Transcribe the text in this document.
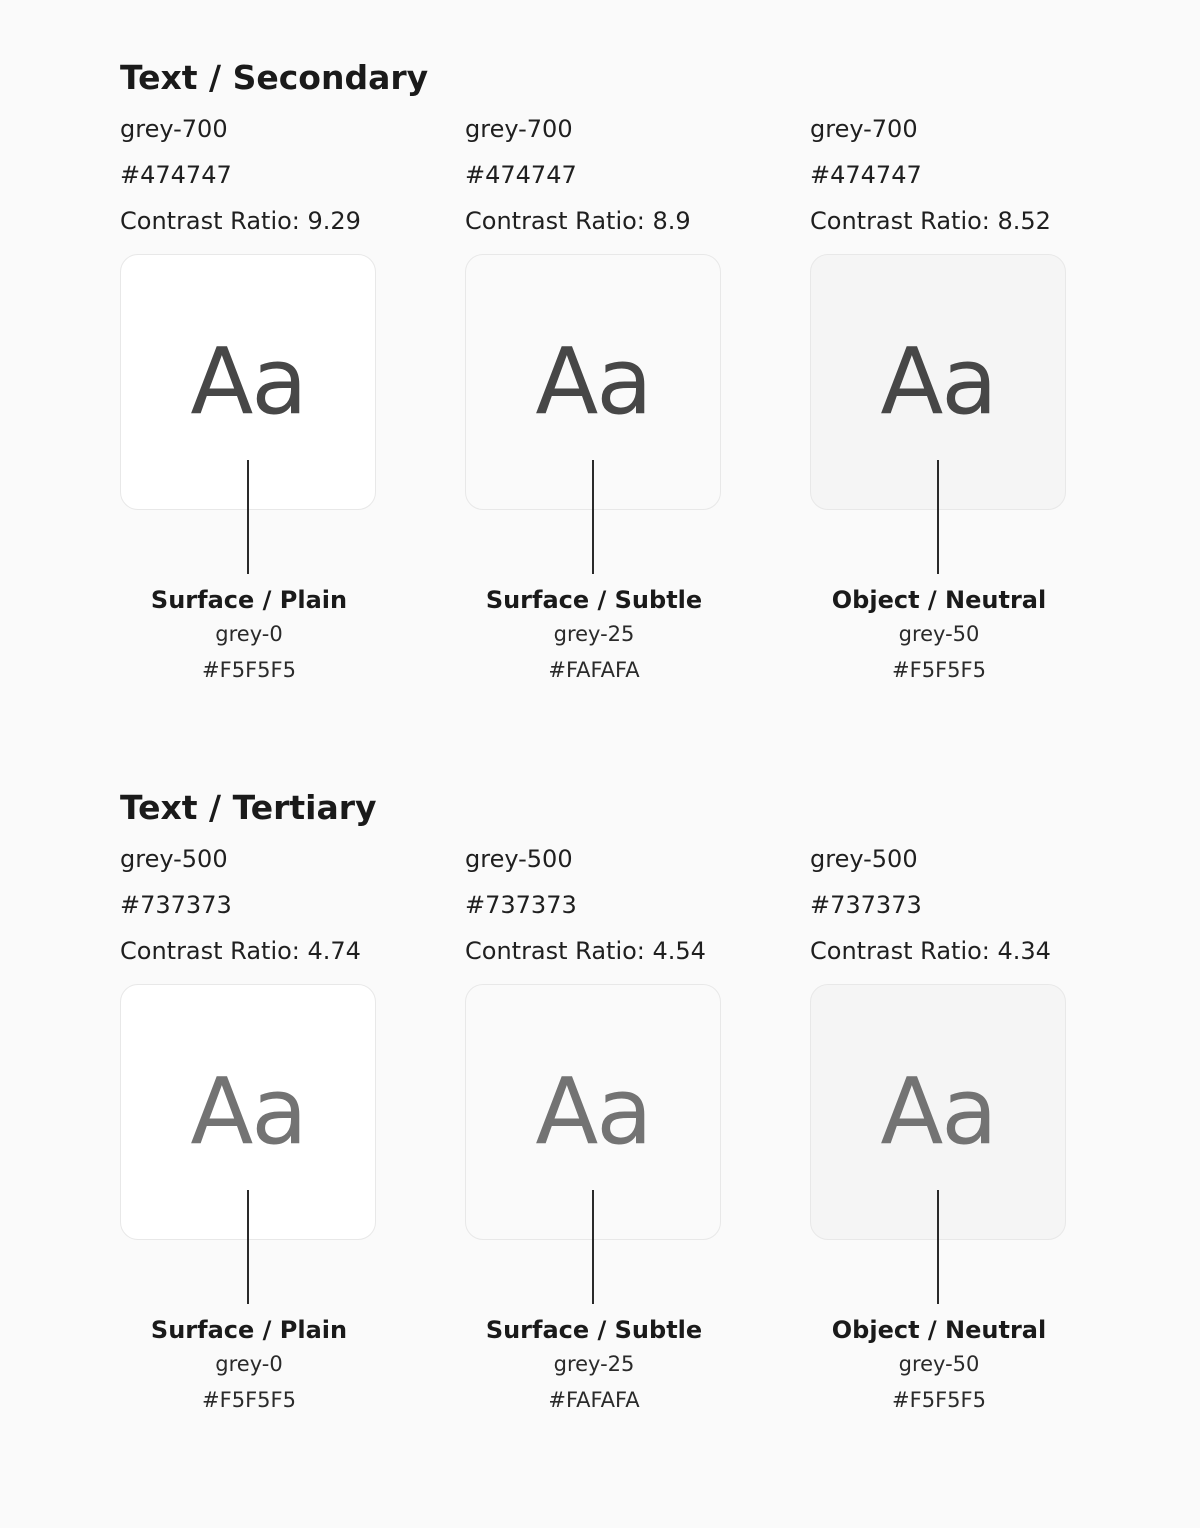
Text / Secondary
grey-700
#474747
Contrast Ratio: 9.29
Aa
Surface / Plain
grey-0
#F5F5F5
grey-700
#474747
Contrast Ratio: 8.9
Aa
Surface / Subtle
grey-25
#FAFAFA
grey-700
#474747
Contrast Ratio: 8.52
Aa
Object / Neutral
grey-50
#F5F5F5
Text / Tertiary
grey-500
#737373
Contrast Ratio: 4.74
Aa
Surface / Plain
grey-0
#F5F5F5
grey-500
#737373
Contrast Ratio: 4.54
Aa
Surface / Subtle
grey-25
#FAFAFA
grey-500
#737373
Contrast Ratio: 4.34
Aa
Object / Neutral
grey-50
#F5F5F5
